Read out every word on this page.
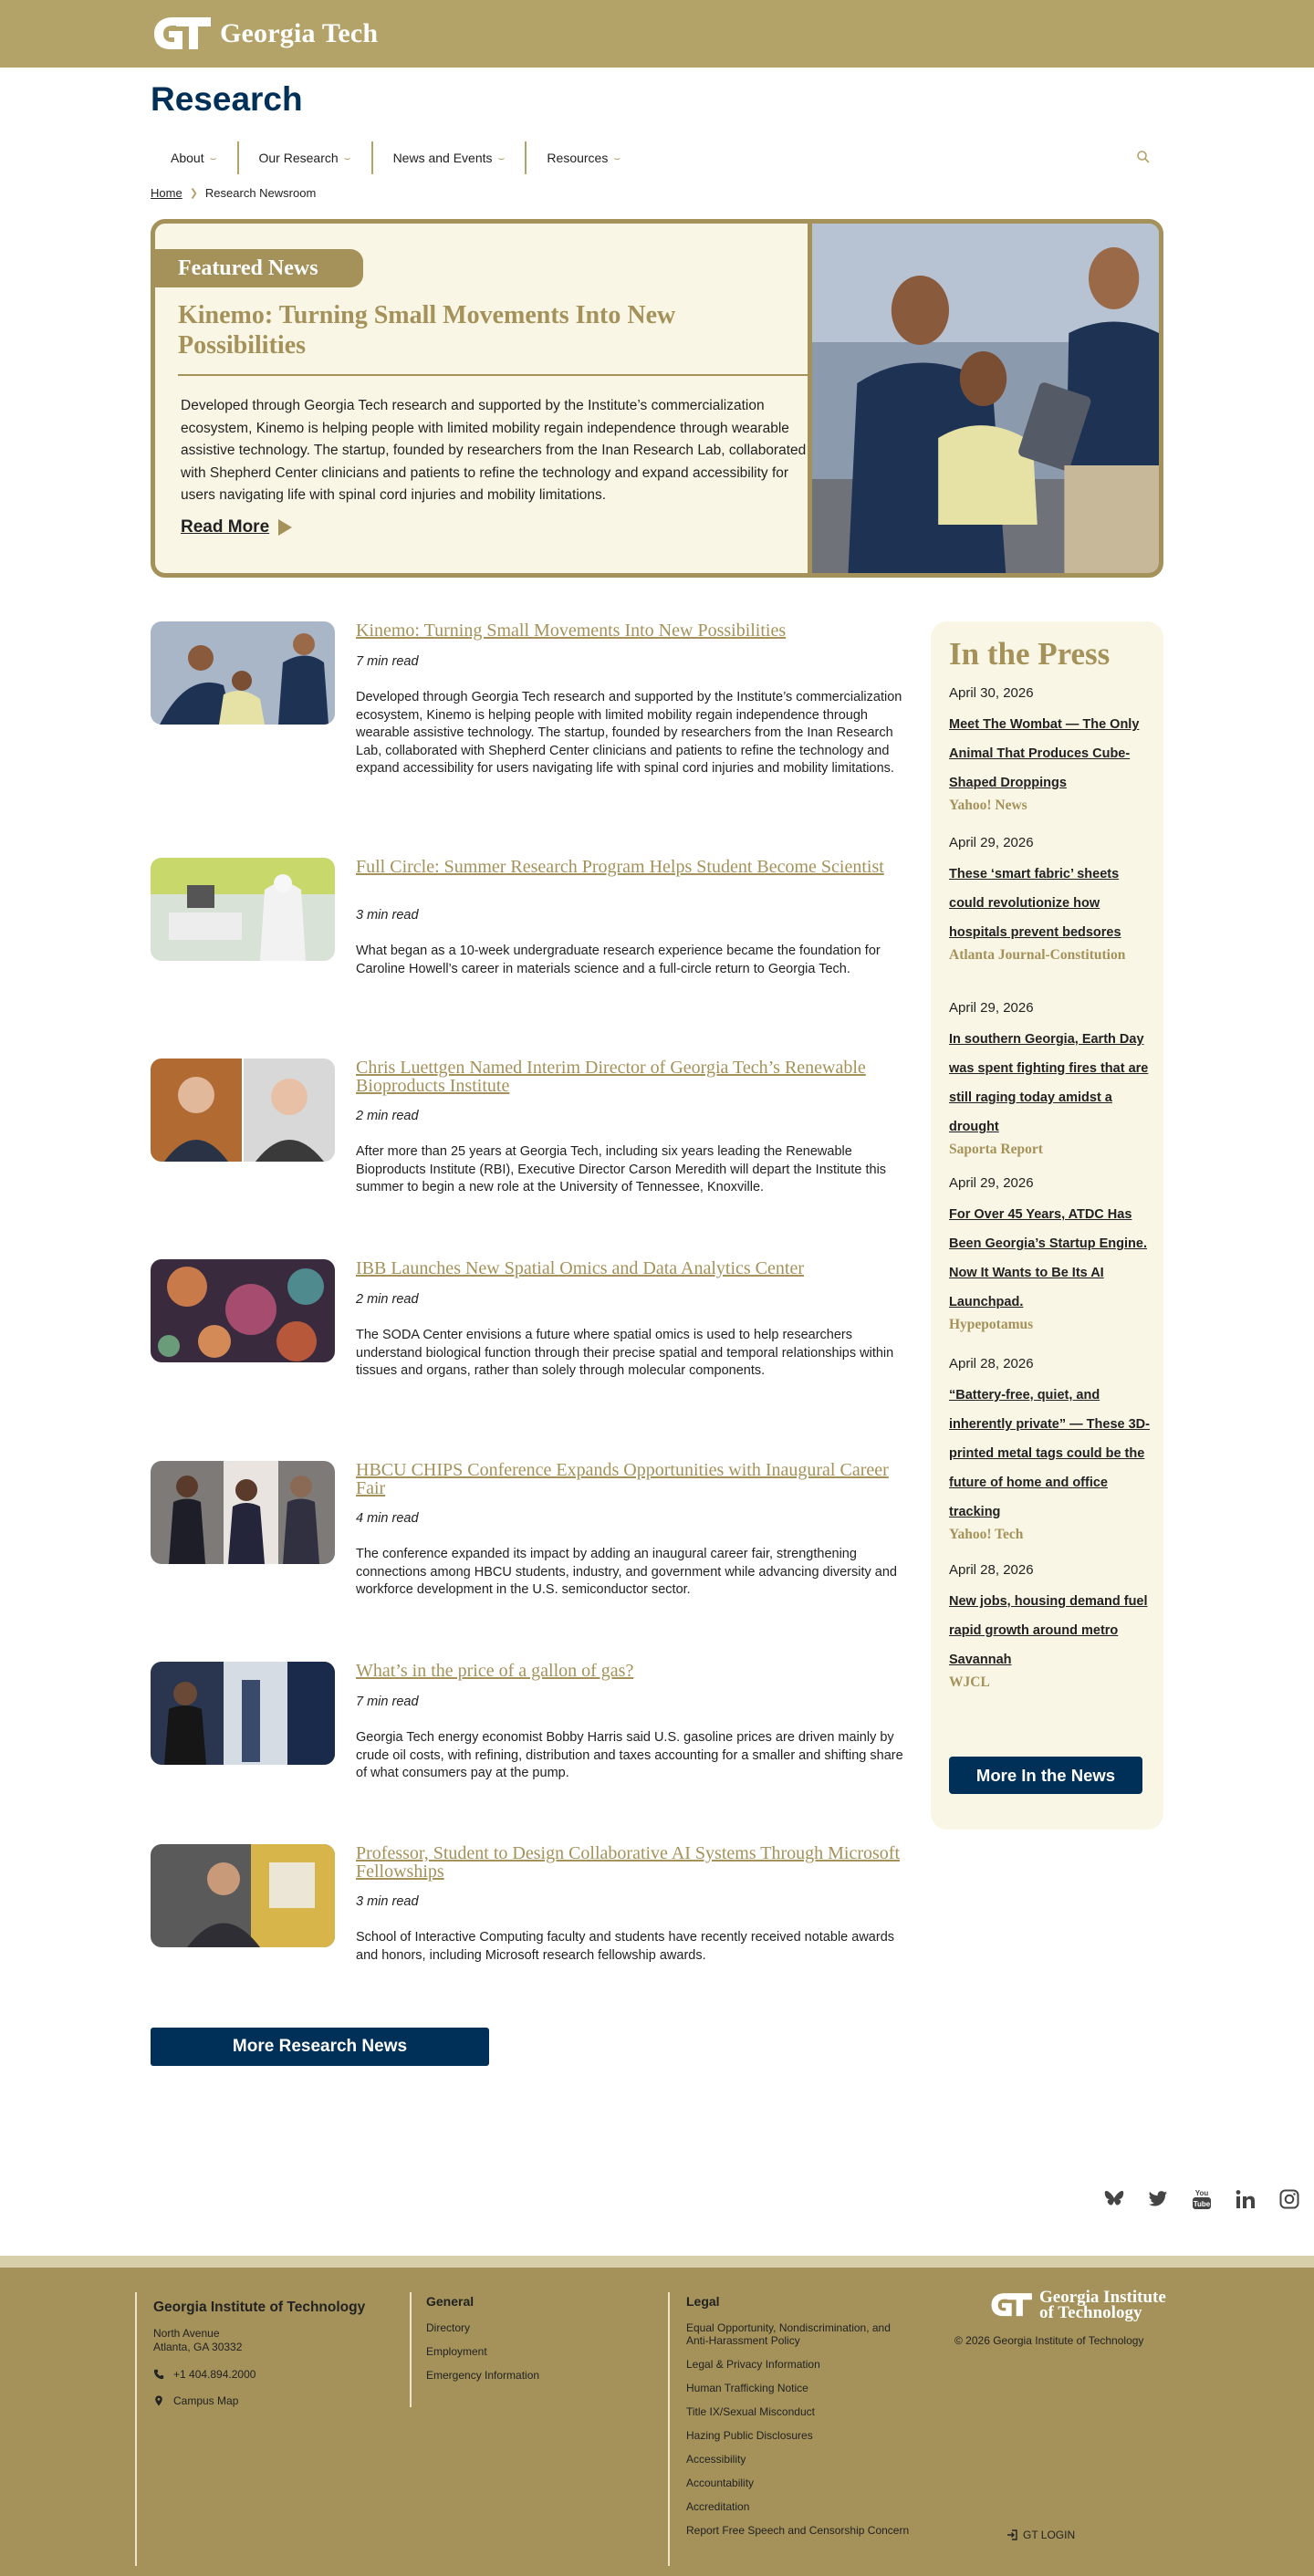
Georgia Tech
Research
About ⌣	Our Research ⌣	News and Events ⌣	Resources ⌣
Home ❯ Research Newsroom
Featured News
Kinemo: Turning Small Movements Into New Possibilities
Developed through Georgia Tech research and supported by the Institute’s commercialization ecosystem, Kinemo is helping people with limited mobility regain independence through wearable assistive technology. The startup, founded by researchers from the Inan Research Lab, collaborated with Shepherd Center clinicians and patients to refine the technology and expand accessibility for users navigating life with spinal cord injuries and mobility limitations.
Read More
Kinemo: Turning Small Movements Into New Possibilities
7 min read
Developed through Georgia Tech research and supported by the Institute’s commercialization ecosystem, Kinemo is helping people with limited mobility regain independence through wearable assistive technology. The startup, founded by researchers from the Inan Research Lab, collaborated with Shepherd Center clinicians and patients to refine the technology and expand accessibility for users navigating life with spinal cord injuries and mobility limitations.
Full Circle: Summer Research Program Helps Student Become Scientist
3 min read
What began as a 10-week undergraduate research experience became the foundation for Caroline Howell’s career in materials science and a full-circle return to Georgia Tech.
Chris Luettgen Named Interim Director of Georgia Tech’s Renewable Bioproducts Institute
2 min read
After more than 25 years at Georgia Tech, including six years leading the Renewable Bioproducts Institute (RBI), Executive Director Carson Meredith will depart the Institute this summer to begin a new role at the University of Tennessee, Knoxville.
IBB Launches New Spatial Omics and Data Analytics Center
2 min read
The SODA Center envisions a future where spatial omics is used to help researchers understand biological function through their precise spatial and temporal relationships within tissues and organs, rather than solely through molecular components.
HBCU CHIPS Conference Expands Opportunities with Inaugural Career Fair
4 min read
The conference expanded its impact by adding an inaugural career fair, strengthening connections among HBCU students, industry, and government while advancing diversity and workforce development in the U.S. semiconductor sector.
What’s in the price of a gallon of gas?
7 min read
Georgia Tech energy economist Bobby Harris said U.S. gasoline prices are driven mainly by crude oil costs, with refining, distribution and taxes accounting for a smaller and shifting share of what consumers pay at the pump.
Professor, Student to Design Collaborative AI Systems Through Microsoft Fellowships
3 min read
School of Interactive Computing faculty and students have recently received notable awards and honors, including Microsoft research fellowship awards.
More Research News
In the Press
April 30, 2026
Meet The Wombat — The Only Animal That Produces Cube-Shaped Droppings
Yahoo! News
April 29, 2026
These ‘smart fabric’ sheets could revolutionize how hospitals prevent bedsores
Atlanta Journal-Constitution
April 29, 2026
In southern Georgia, Earth Day was spent fighting fires that are still raging today amidst a drought
Saporta Report
April 29, 2026
For Over 45 Years, ATDC Has Been Georgia’s Startup Engine. Now It Wants to Be Its AI Launchpad.
Hypepotamus
April 28, 2026
“Battery-free, quiet, and inherently private” — These 3D-printed metal tags could be the future of home and office tracking
Yahoo! Tech
April 28, 2026
New jobs, housing demand fuel rapid growth around metro Savannah
WJCL
More In the News
You
Tube
Georgia Institute of Technology
North Avenue
Atlanta, GA 30332
+1 404.894.2000
Campus Map
General
Directory
Employment
Emergency Information
Legal
Equal Opportunity, Nondiscrimination, and Anti-Harassment Policy
Legal & Privacy Information
Human Trafficking Notice
Title IX/Sexual Misconduct
Hazing Public Disclosures
Accessibility
Accountability
Accreditation
Report Free Speech and Censorship Concern
Georgia Institute
of Technology
© 2026 Georgia Institute of Technology
GT LOGIN
